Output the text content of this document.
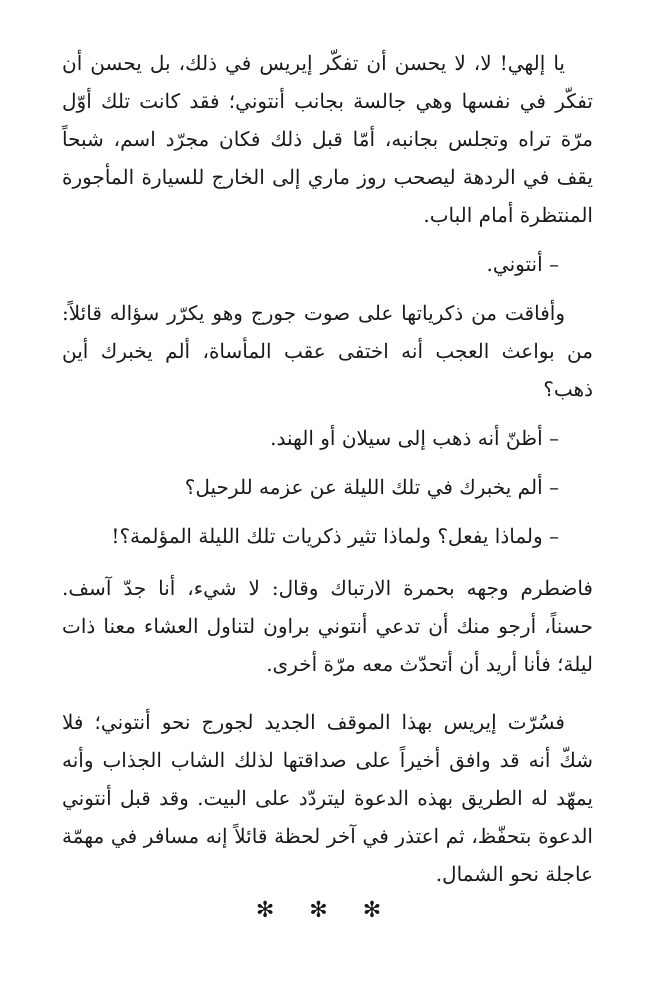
يا إلهي! لا، لا يحسن أن تفكّر إيريس في ذلك، بل يحسن أن تفكّر في نفسها وهي جالسة بجانب أنتوني؛ فقد كانت تلك أوّل مرّة تراه وتجلس بجانبه، أمّا قبل ذلك فكان مجرّد اسم، شبحاً يقف في الردهة ليصحب روز ماري إلى الخارج للسيارة المأجورة المنتظرة أمام الباب.

– أنتوني.

وأفاقت من ذكرياتها على صوت جورج وهو يكرّر سؤاله قائلاً: من بواعث العجب أنه اختفى عقب المأساة، ألم يخبرك أين ذهب؟

– أظنّ أنه ذهب إلى سيلان أو الهند.

– ألم يخبرك في تلك الليلة عن عزمه للرحيل؟

– ولماذا يفعل؟ ولماذا تثير ذكريات تلك الليلة المؤلمة؟!

فاضطرم وجهه بحمرة الارتباك وقال: لا شيء، أنا جدّ آسف. حسناً، أرجو منك أن تدعي أنتوني براون لتناول العشاء معنا ذات ليلة؛ فأنا أريد أن أتحدّث معه مرّة أخرى.

فسُرّت إيريس بهذا الموقف الجديد لجورج نحو أنتوني؛ فلا شكّ أنه قد وافق أخيراً على صداقتها لذلك الشاب الجذاب وأنه يمهّد له الطريق بهذه الدعوة ليتردّد على البيت. وقد قبل أنتوني الدعوة بتحفّظ، ثم اعتذر في آخر لحظة قائلاً إنه مسافر في مهمّة عاجلة نحو الشمال.

✻ ✻ ✻
